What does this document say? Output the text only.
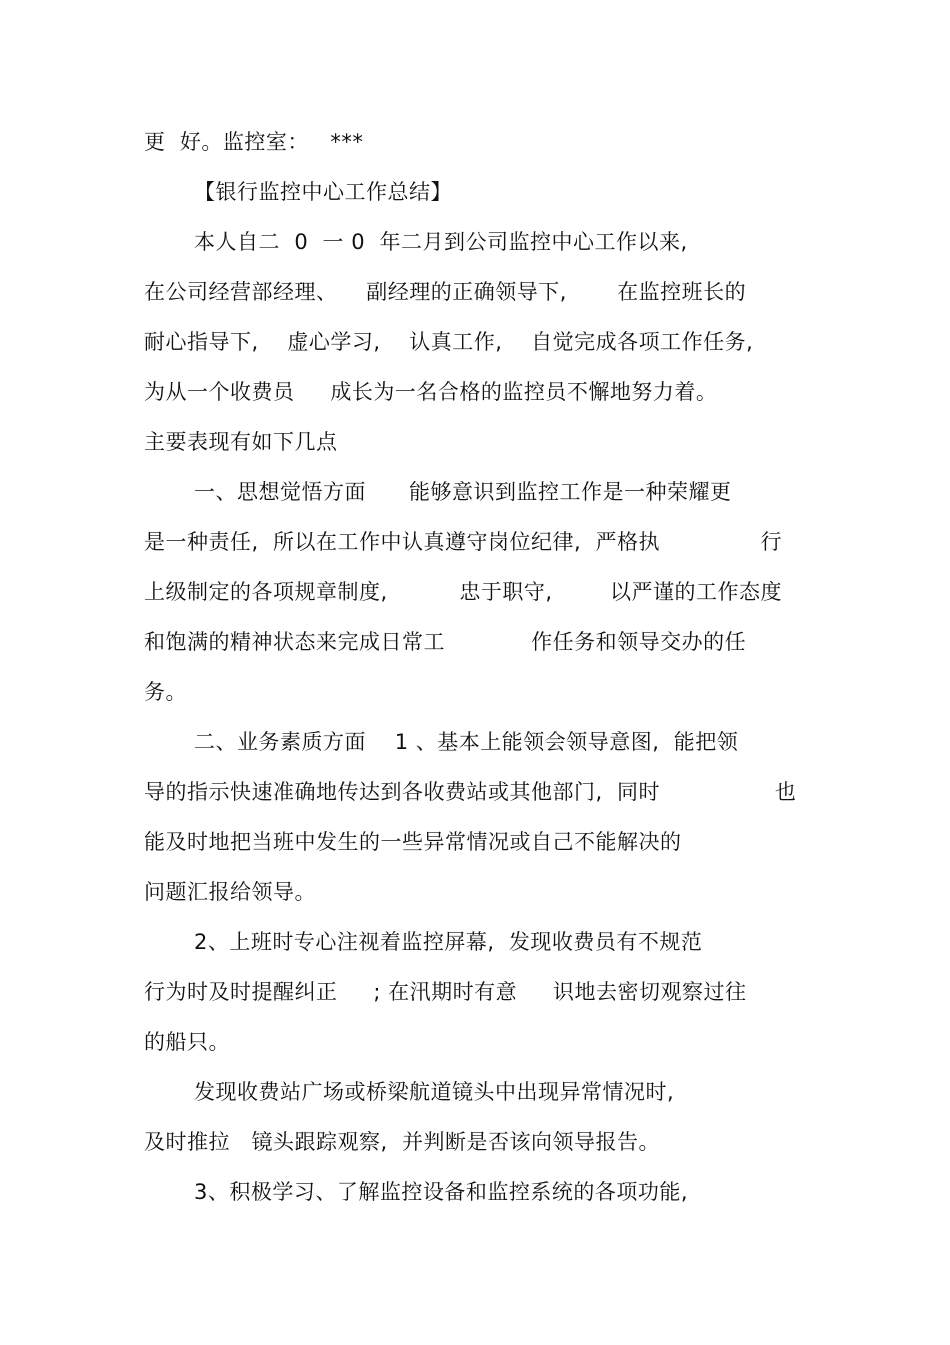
更  好。监控室：   ***
【银行监控中心工作总结】
本人自二  0  一 0  年二月到公司监控中心工作以来,
在公司经营部经理、    副经理的正确领导下,       在监控班长的
耐心指导下,    虚心学习,    认真工作,    自觉完成各项工作任务,
为从一个收费员     成长为一名合格的监控员不懈地努力着。
主要表现有如下几点
一、思想觉悟方面      能够意识到监控工作是一种荣耀更
是一种责任,  所以在工作中认真遵守岗位纪律,  严格执              行
上级制定的各项规章制度,          忠于职守,        以严谨的工作态度
和饱满的精神状态来完成日常工            作任务和领导交办的任
务。
二、业务素质方面    1 、基本上能领会领导意图,  能把领
导的指示快速准确地传达到各收费站或其他部门,  同时                也
能及时地把当班中发生的一些异常情况或自己不能解决的
问题汇报给领导。
2、上班时专心注视着监控屏幕,  发现收费员有不规范
行为时及时提醒纠正     ; 在汛期时有意     识地去密切观察过往
的船只。
发现收费站广场或桥梁航道镜头中出现异常情况时,
及时推拉   镜头跟踪观察,  并判断是否该向领导报告。
3、积极学习、了解监控设备和监控系统的各项功能,
